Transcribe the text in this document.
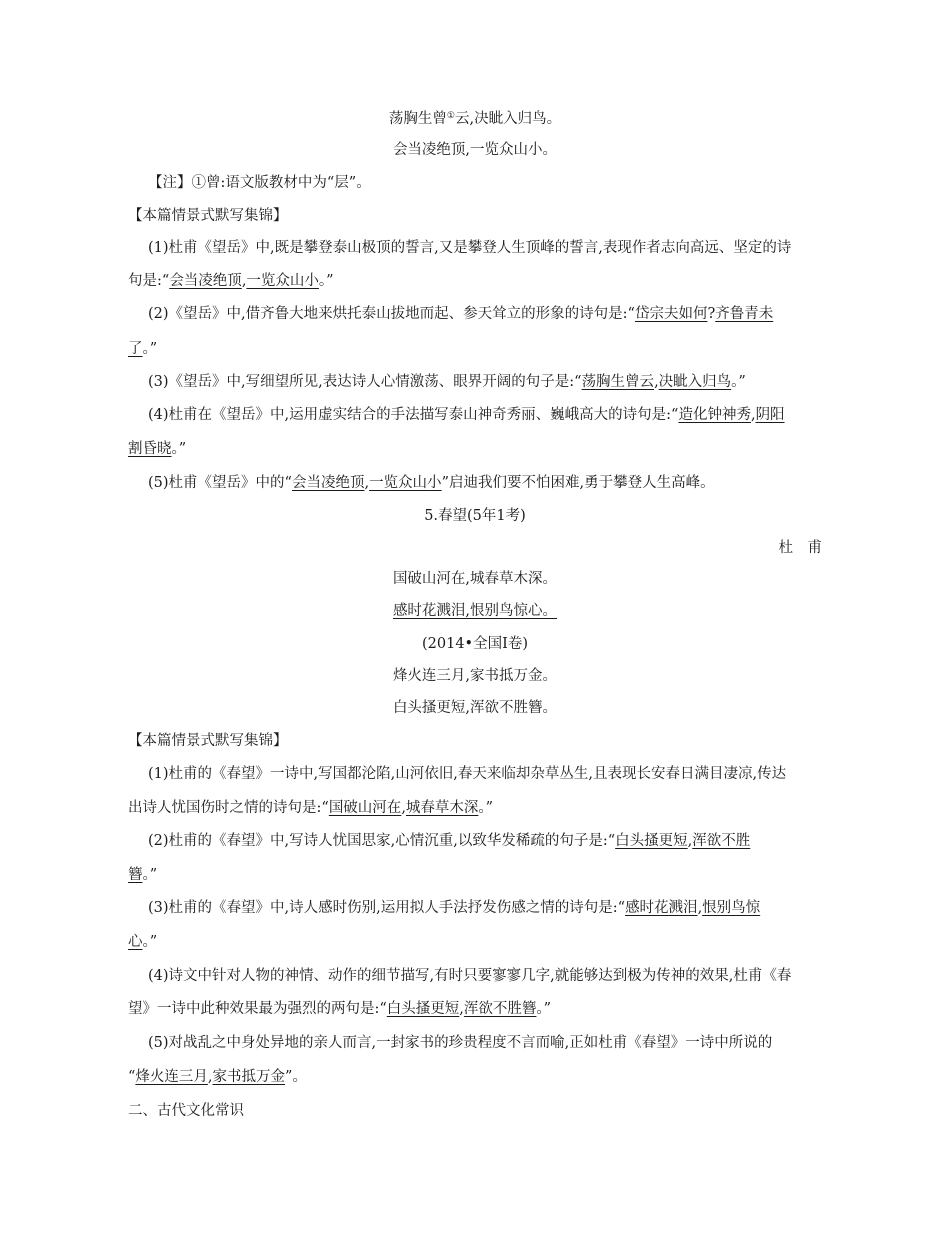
荡胸生曾①云,决眦入归鸟。
会当凌绝顶,一览众山小。
【注】①曾:语文版教材中为“层”。
【本篇情景式默写集锦】
(1)杜甫《望岳》中,既是攀登泰山极顶的誓言,又是攀登人生顶峰的誓言,表现作者志向高远、坚定的诗
句是:“会当凌绝顶,一览众山小。”
(2)《望岳》中,借齐鲁大地来烘托泰山拔地而起、参天耸立的形象的诗句是:“岱宗夫如何?齐鲁青未
了。”
(3)《望岳》中,写细望所见,表达诗人心情激荡、眼界开阔的句子是:“荡胸生曾云,决眦入归鸟。”
(4)杜甫在《望岳》中,运用虚实结合的手法描写泰山神奇秀丽、巍峨高大的诗句是:“造化钟神秀,阴阳
割昏晓。”
(5)杜甫《望岳》中的“会当凌绝顶,一览众山小”启迪我们要不怕困难,勇于攀登人生高峰。
5.春望(5年1考)
杜　甫
国破山河在,城春草木深。
感时花溅泪,恨别鸟惊心。
(2014•全国Ⅰ卷)
烽火连三月,家书抵万金。
白头搔更短,浑欲不胜簪。
【本篇情景式默写集锦】
(1)杜甫的《春望》一诗中,写国都沦陷,山河依旧,春天来临却杂草丛生,且表现长安春日满目凄凉,传达
出诗人忧国伤时之情的诗句是:“国破山河在,城春草木深。”
(2)杜甫的《春望》中,写诗人忧国思家,心情沉重,以致华发稀疏的句子是:“白头搔更短,浑欲不胜
簪。”
(3)杜甫的《春望》中,诗人感时伤别,运用拟人手法抒发伤感之情的诗句是:“感时花溅泪,恨别鸟惊
心。”
(4)诗文中针对人物的神情、动作的细节描写,有时只要寥寥几字,就能够达到极为传神的效果,杜甫《春
望》一诗中此种效果最为强烈的两句是:“白头搔更短,浑欲不胜簪。”
(5)对战乱之中身处异地的亲人而言,一封家书的珍贵程度不言而喻,正如杜甫《春望》一诗中所说的
“烽火连三月,家书抵万金”。
二、古代文化常识
